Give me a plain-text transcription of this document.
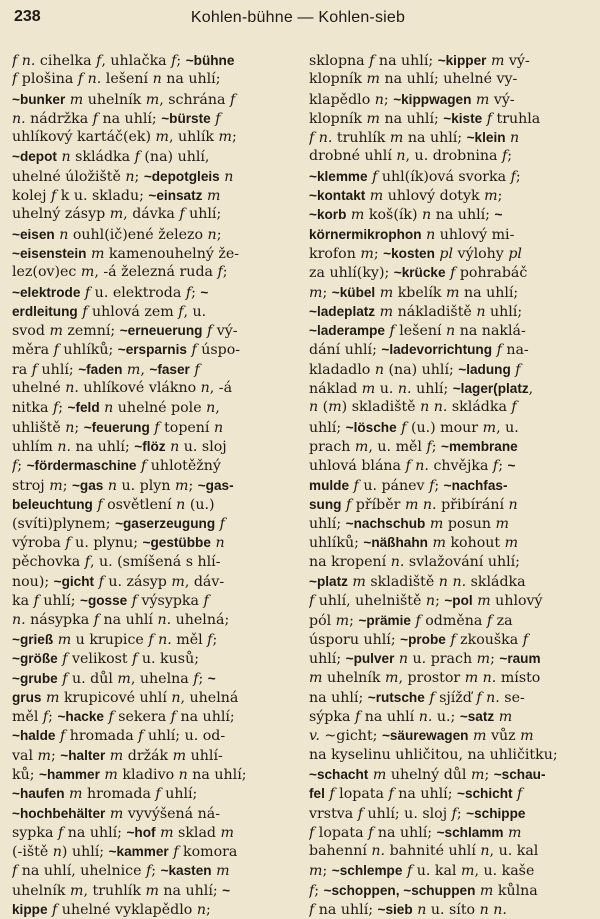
238	Kohlen-bühne — Kohlen-sieb
f n. cihelka f, uhlačka f; ~bühne
f plošina f n. lešení n na uhlí;
~bunker m uhelník m, schrána f
n. nádržka f na uhlí; ~bürste f
uhlíkový kartáč(ek) m, uhlík m;
~depot n skládka f (na) uhlí,
uhelné úložiště n; ~depotgleis n
kolej f k u. skladu; ~einsatz m
uhelný zásyp m, dávka f uhlí;
~eisen n ouhl(ič)ené železo n;
~eisenstein m kamenouhelný že-
lez(ov)ec m, -á železná ruda f;
~elektrode f u. elektroda f; ~
erdleitung f uhlová zem f, u.
svod m zemní; ~erneuerung f vý-
měra f uhlíků; ~ersparnis f úspo-
ra f uhlí; ~faden m, ~faser f
uhelné n. uhlíkové vlákno n, -á
nitka f; ~feld n uhelné pole n,
uhliště n; ~feuerung f topení n
uhlím n. na uhlí; ~flöz n u. sloj
f; ~fördermaschine f uhlotěžný
stroj m; ~gas n u. plyn m; ~gas-
beleuchtung f osvětlení n (u.)
(svíti)plynem; ~gaserzeugung f
výroba f u. plynu; ~gestübbe n
pěchovka f, u. (smíšená s hlí-
nou); ~gicht f u. zásyp m, dáv-
ka f uhlí; ~gosse f výsypka f
n. násypka f na uhlí n. uhelná;
~grieß m u krupice f n. měl f;
~größe f velikost f u. kusů;
~grube f u. důl m, uhelna f; ~
grus m krupicové uhlí n, uhelná
měl f; ~hacke f sekera f na uhlí;
~halde f hromada f uhlí; u. od-
val m; ~halter m držák m uhlí-
ků; ~hammer m kladivo n na uhlí;
~haufen m hromada f uhlí;
~hochbehälter m vyvýšená ná-
sypka f na uhlí; ~hof m sklad m
(-iště n) uhlí; ~kammer f komora
f na uhlí, uhelnice f; ~kasten m
uhelník m, truhlík m na uhlí; ~
kippe f uhelné vyklapědlo n;
sklopna f na uhlí; ~kipper m vý-
klopník m na uhlí; uhelné vy-
klapědlo n; ~kippwagen m vý-
klopník m na uhlí; ~kiste f truhla
f n. truhlík m na uhlí; ~klein n
drobné uhlí n, u. drobnina f;
~klemme f uhl(ík)ová svorka f;
~kontakt m uhlový dotyk m;
~korb m koš(ík) n na uhlí; ~
körnermikrophon n uhlový mi-
krofon m; ~kosten pl výlohy pl
za uhlí(ky); ~krücke f pohrabáč
m; ~kübel m kbelík m na uhlí;
~ladeplatz m nákladiště n uhlí;
~laderampe f lešení n na naklá-
dání uhlí; ~ladevorrichtung f na-
kladadlo n (na) uhlí; ~ladung f
náklad m u. n. uhlí; ~lager(platz,
n (m) skladiště n n. skládka f
uhlí; ~lösche f (u.) mour m, u.
prach m, u. měl f; ~membrane
uhlová blána f n. chvějka f; ~
mulde f u. pánev f; ~nachfas-
sung f příběr m n. přibírání n
uhlí; ~nachschub m posun m
uhlíků; ~näßhahn m kohout m
na kropení n. svlažování uhlí;
~platz m skladiště n n. skládka
f uhlí, uhelniště n; ~pol m uhlový
pól m; ~prämie f odměna f za
úsporu uhlí; ~probe f zkouška f
uhlí; ~pulver n u. prach m; ~raum
m uhelník m, prostor m n. místo
na uhlí; ~rutsche f sjížď f n. se-
sýpka f na uhlí n. u.; ~satz m
v. ~gicht; ~säurewagen m vůz m
na kyselinu uhličitou, na uhličitku;
~schacht m uhelný důl m; ~schau-
fel f lopata f na uhlí; ~schicht f
vrstva f uhlí; u. sloj f; ~schippe
f lopata f na uhlí; ~schlamm m
bahenní n. bahnité uhlí n, u. kal
m; ~schlempe f u. kal m, u. kaše
f; ~schoppen, ~schuppen m kůlna
f na uhlí; ~sieb n u. síto n n.
